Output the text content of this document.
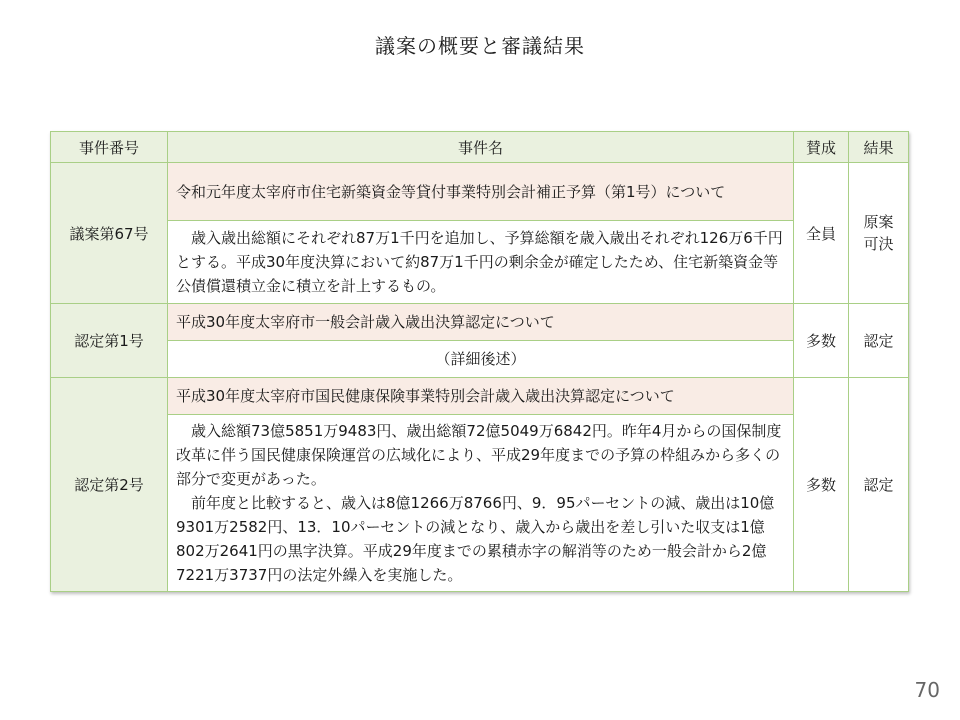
議案の概要と審議結果
事件番号	事件名	賛成	結果
議案第67号	令和元年度太宰府市住宅新築資金等貸付事業特別会計補正予算（第1号）について	全員	原案
可決
	歳入歳出総額にそれぞれ87万1千円を追加し、予算総額を歳入歳出それぞれ126万6千円とする。平成30年度決算において約87万1千円の剰余金が確定したため、住宅新築資金等公債償還積立金に積立を計上するもの。		
認定第1号	平成30年度太宰府市一般会計歳入歳出決算認定について	多数	認定
	（詳細後述）		
認定第2号	平成30年度太宰府市国民健康保険事業特別会計歳入歳出決算認定について	多数	認定

	歳入総額73億5851万9483円、歳出総額72億5049万6842円。昨年4月からの国保制度改革に伴う国民健康保険運営の広域化により、平成29年度までの予算の枠組みから多くの部分で変更があった。
前年度と比較すると、歳入は8億1266万8766円、9．95パーセントの減、歳出は10億9301万2582円、13．10パーセントの減となり、歳入から歳出を差し引いた収支は1億802万2641円の黒字決算。平成29年度までの累積赤字の解消等のため一般会計から2億7221万3737円の法定外繰入を実施した。		
70
